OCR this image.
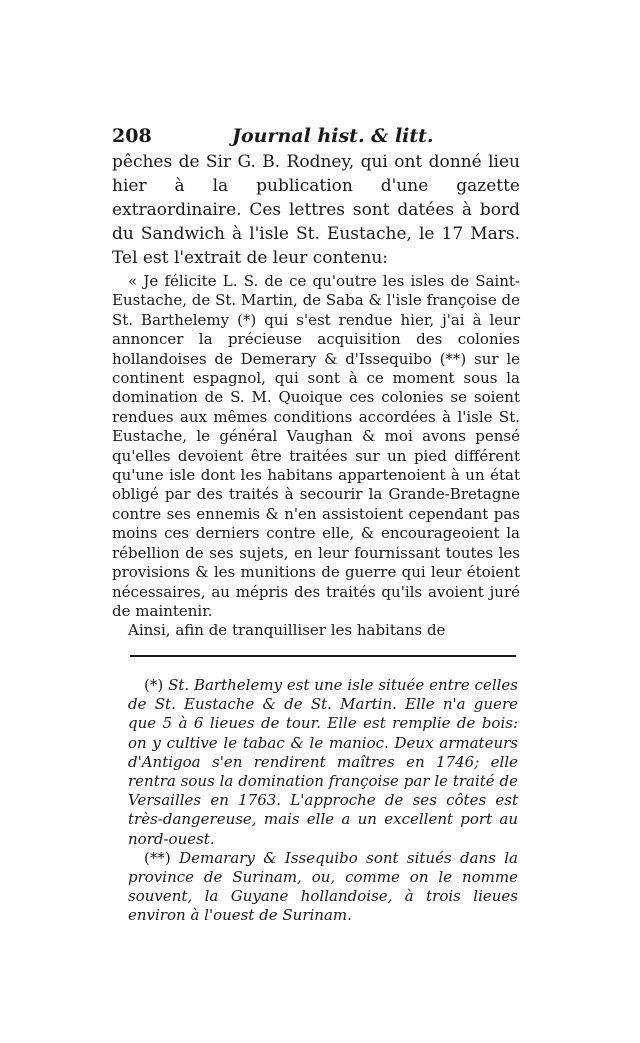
208	Journal hist. & litt.

pêches de Sir G. B. Rodney, qui ont donné lieu hier à la publication d'une gazette extraordinaire. Ces lettres sont datées à bord du Sandwich à l'isle St. Eustache, le 17 Mars. Tel est l'extrait de leur contenu:

« Je félicite L. S. de ce qu'outre les isles de Saint-Eustache, de St. Martin, de Saba & l'isle françoise de St. Barthelemy (*) qui s'est rendue hier, j'ai à leur annoncer la précieuse acquisition des colonies hollandoises de Demerary & d'Issequibo (**) sur le continent espagnol, qui sont à ce moment sous la domination de S. M. Quoique ces colonies se soient rendues aux mêmes conditions accordées à l'isle St. Eustache, le général Vaughan & moi avons pensé qu'elles devoient être traitées sur un pied différent qu'une isle dont les habitans appartenoient à un état obligé par des traités à secourir la Grande-Bretagne contre ses ennemis & n'en assistoient cependant pas moins ces derniers contre elle, & encourageoient la rébellion de ses sujets, en leur fournissant toutes les provisions & les munitions de guerre qui leur étoient nécessaires, au mépris des traités qu'ils avoient juré de maintenir.

Ainsi, afin de tranquilliser les habitans de

(*) St. Barthelemy est une isle située entre celles de St. Eustache & de St. Martin. Elle n'a guere que 5 à 6 lieues de tour. Elle est remplie de bois: on y cultive le tabac & le manioc. Deux armateurs d'Antigoa s'en rendirent maîtres en 1746; elle rentra sous la domination françoise par le traité de Versailles en 1763. L'approche de ses côtes est très-dangereuse, mais elle a un excellent port au nord-ouest.

(**) Demarary & Issequibo sont situés dans la province de Surinam, ou, comme on le nomme souvent, la Guyane hollandoise, à trois lieues environ à l'ouest de Surinam.
